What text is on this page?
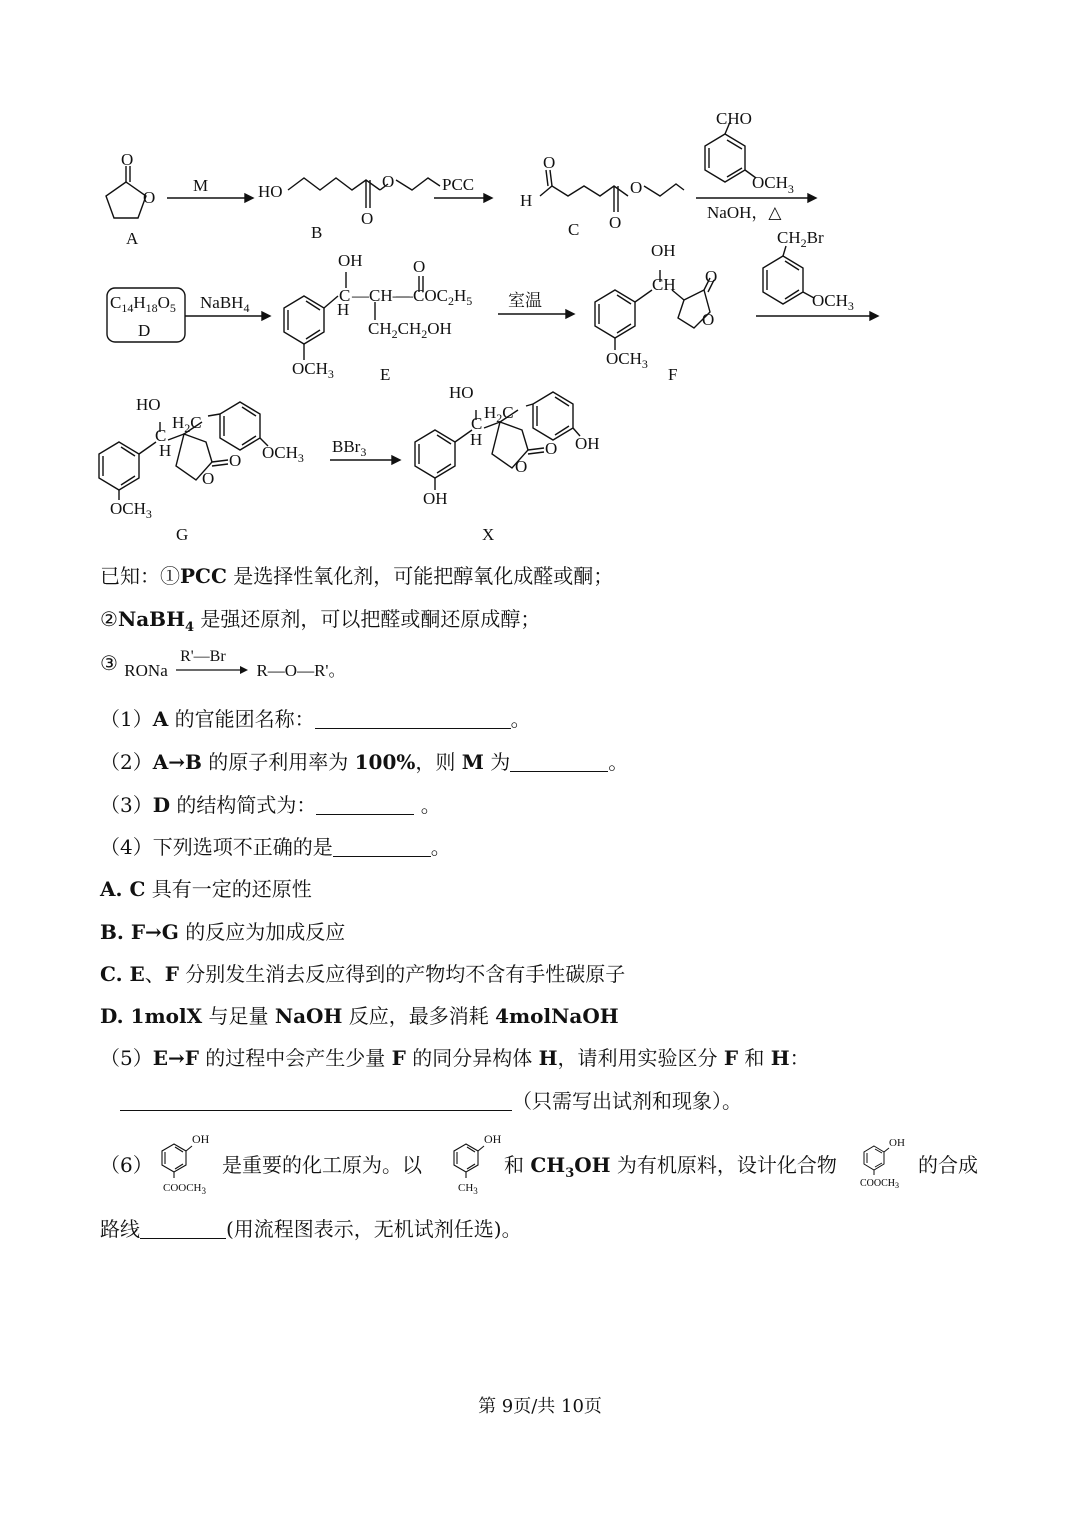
O
O
A
M	HO
O
O
B
PCC
O
H
O
O
C
CHO
$OCH_3$
NaOH，△
$C_{14}H_{18}O_5$
D
NaBH$_4$
OH
C
H
—CH—
O
$—COC_2H_5$
$CH_2CH_2OH$
$OCH_3$	E
室温
OH
CH O
O
$OCH_3$
F
$CH_2Br$
$OCH_3$
HO
$H_2C$
C
H
O
O
$OCH_3$
$OCH_3$
G
BBr$_3$
HO
$H_2C$
C
H	O
O
OH
OH
X
已知：①PCC 是选择性氧化剂，可能把醇氧化成醛或酮；
②NaBH$_4$ 是强还原剂，可以把醛或酮还原成醇；
③ $_{RONa}$
R'—Br
$_{R—O—R'。}$
（1）A 的官能团名称：	。
（2）A→B 的原子利用率为 100%，则 M 为	。
（3）D 的结构简式为：	。
（4）下列选项不正确的是	。
A. C 具有一定的还原性
B. F→G 的反应为加成反应
C. E、F 分别发生消去反应得到的产物均不含有手性碳原子
D. 1molX 与足量 NaOH 反应，最多消耗 4molNaOH
（5）E→F 的过程中会产生少量 F 的同分异构体 H，请利用实验区分 F 和 H：
（只需写出试剂和现象）。
（6）
OH
$COOCH_3$
是重要的化工原为。以
OH
$CH_3$
和 $CH_3OH$ 为有机原料，设计化合物
OH
$COOCH_3$
的合成
路线	(用流程图表示，无机试剂任选)。
第 9页/共 10页
